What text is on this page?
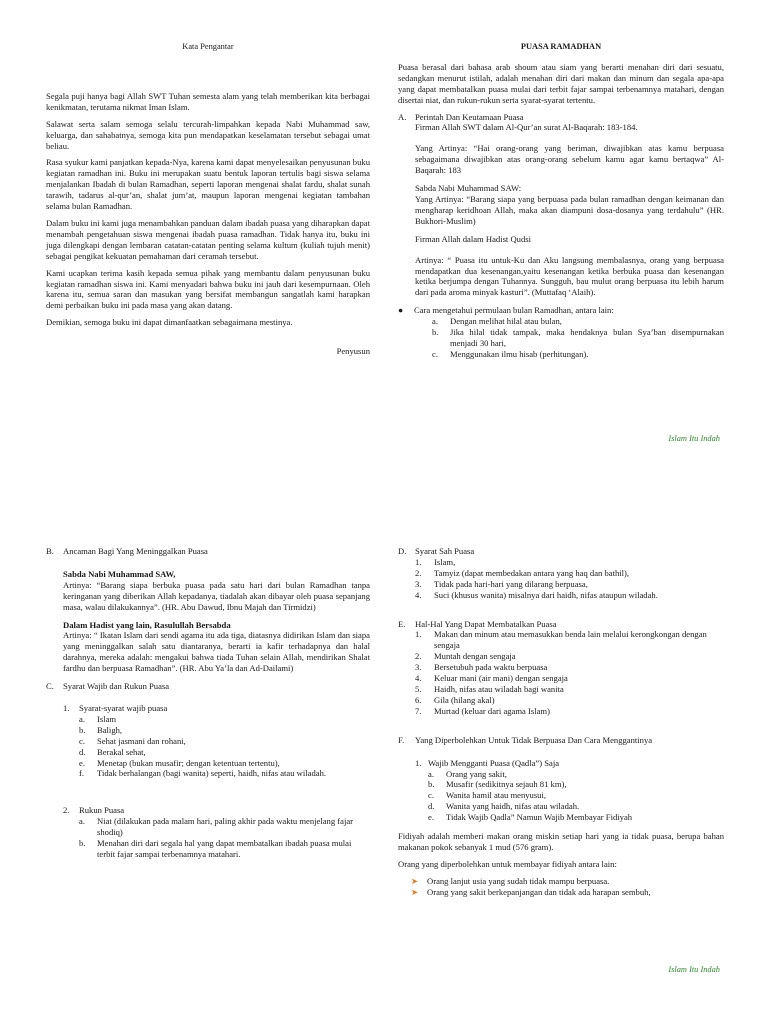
Kata Pengantar

Segala puji hanya bagi Allah SWT Tuhan semesta alam yang telah memberikan kita berbagai kenikmatan, terutama nikmat Iman Islam.

Salawat serta salam semoga selalu tercurah-limpahkan kepada Nabi Muhammad saw, keluarga, dan sahabatnya, semoga kita pun mendapatkan keselamatan tersebut sebagai umat beliau.

Rasa syukur kami panjatkan kepada-Nya, karena kami dapat menyelesaikan penyusunan buku kegiatan ramadhan ini. Buku ini merupakan suatu bentuk laporan tertulis bagi siswa selama menjalankan Ibadah di bulan Ramadhan, seperti laporan mengenai shalat fardu, shalat sunah tarawih, tadarus al-qur’an, shalat jum’at, maupun laporan mengenai kegiatan tambahan selama bulan Ramadhan.

Dalam buku ini kami juga menambahkan panduan dalam ibadah puasa yang diharapkan dapat menambah pengetahuan siswa mengenai ibadah puasa ramadhan. Tidak hanya itu, buku ini juga dilengkapi dengan lembaran catatan-catatan penting selama kultum (kuliah tujuh menit) sebagai pengikat kekuatan pemahaman dari ceramah tersebut.

Kami ucapkan terima kasih kepada semua pihak yang membantu dalam penyusunan buku kegiatan ramadhan siswa ini. Kami menyadari bahwa buku ini jauh dari kesempurnaan. Oleh karena itu, semua saran dan masukan yang bersifat membangun sangatlah kami harapkan demi perbaikan buku ini pada masa yang akan datang.

Demikian, semoga buku ini dapat dimanfaatkan sebagaimana mestinya.

Penyusun
PUASA RAMADHAN

Puasa berasal dari bahasa arab shoum atau siam yang berarti menahan diri dari sesuatu, sedangkan menurut istilah, adalah menahan diri dari makan dan minum dan segala apa-apa yang dapat membatalkan puasa mulai dari terbit fajar sampai terbenamnya matahari, dengan disertai niat, dan rukun-rukun serta syarat-syarat tertentu.

A.	Perintah Dan Keutamaan Puasa

Firman Allah SWT dalam Al-Qur’an surat Al-Baqarah: 183-184.

Yang Artinya: “Hai orang-orang yang beriman, diwajibkan atas kamu berpuasa sebagaimana diwajibkan atas orang-orang sebelum kamu agar kamu bertaqwa” Al-Baqarah: 183

Sabda Nabi Muhammad SAW:

Yang Artinya: “Barang siapa yang berpuasa pada bulan ramadhan dengan keimanan dan mengharap keridhoan Allah, maka akan diampuni dosa-dosanya yang terdahulu” (HR. Bukhori-Muslim)

Firman Allah dalam Hadist Qudsi

Artinya: “ Puasa itu untuk-Ku dan Aku langsung membalasnya, orang yang berpuasa mendapatkan dua kesenangan,yaitu kesenangan ketika berbuka puasa dan kesenangan ketika berjumpa dengan Tuhannya. Sungguh, bau mulut orang berpuasa itu lebih harum dari pada aroma minyak kasturi”. (Muttafaq ‘Alaih).

●	Cara mengetahui permulaan bulan Ramadhan, antara lain:
a.	Dengan melihat hilal atau bulan,
b.	Jika hilal tidak tampak, maka hendaknya bulan Sya’ban disempurnakan menjadi 30 hari,
c.	Menggunakan ilmu hisab (perhitungan).
Islam Itu Indah
B.	Ancaman Bagi Yang Meninggalkan Puasa
Sabda Nabi Muhammad SAW,

Artinya: “Barang siapa berbuka puasa pada satu hari dari bulan Ramadhan tanpa keringanan yang diberikan Allah kepadanya, tiadalah akan dibayar oleh puasa sepanjang masa, walau dilakukannya”. (HR. Abu Dawud, Ibnu Majah dan Tirmidzi)

Dalam Hadist yang lain, Rasulullah Bersabda

Artinya: “ Ikatan Islam dari sendi agama itu ada tiga, diatasnya didirikan Islam dan siapa yang meninggalkan salah satu diantaranya, berarti ia kafir terhadapnya dan halal darahnya, mereka adalah: mengakui bahwa tiada Tuhan selain Allah, mendirikan Shalat fardhu dan berpuasa Ramadhan”. (HR. Abu Ya’la dan Ad-Dailami)

C.	Syarat Wajib dan Rukun Puasa
1.	Syarat-syarat wajib puasa
a.	Islam
b.	Baligh,
c.	Sehat jasmani dan rohani,
d.	Berakal sehat,
e.	Menetap (bukan musafir; dengan ketentuan tertentu),
f.	Tidak berhalangan (bagi wanita) seperti, haidh, nifas atau wiladah.
2.	Rukun Puasa
a.	Niat (dilakukan pada malam hari, paling akhir pada waktu menjelang fajar shodiq)
b.	Menahan diri dari segala hal yang dapat membatalkan ibadah puasa mulai terbit fajar sampai terbenamnya matahari.
D.	Syarat Sah Puasa
1.	Islam,
2.	Tamyiz (dapat membedakan antara yang haq dan bathil),
3.	Tidak pada hari-hari yang dilarang berpuasa,
4.	Suci (khusus wanita) misalnya dari haidh, nifas ataupun wiladah.
E.	Hal-Hal Yang Dapat Membatalkan Puasa
1.	Makan dan minum atau memasukkan benda lain melalui kerongkongan dengan sengaja
2.	Muntah dengan sengaja
3.	Bersetubuh pada waktu berpuasa
4.	Keluar mani (air mani) dengan sengaja
5.	Haidh, nifas atau wiladah bagi wanita
6.	Gila (hilang akal)
7.	Murtad (keluar dari agama Islam)
F.	Yang Diperbolehkan Untuk Tidak Berpuasa Dan Cara Menggantinya
1. Wajib Mengganti Puasa (Qadla”) Saja
a.	Orang yang sakit,
b.	Musafir (sedikitnya sejauh 81 km),
c.	Wanita hamil atau menyusui,
d.	Wanita yang haidh, nifas atau wiladah.
e.	Tidak Wajib Qadla” Namun Wajib Membayar Fidiyah

Fidiyah adalah memberi makan orang miskin setiap hari yang ia tidak puasa, berupa bahan makanan pokok sebanyak 1 mud (576 gram).

Orang yang diperbolehkan untuk membayar fidiyah antara lain:

➤	Orang lanjut usia yang sudah tidak mampu berpuasa.
➤	Orang yang sakit berkepanjangan dan tidak ada harapan sembuh,
Islam Itu Indah
